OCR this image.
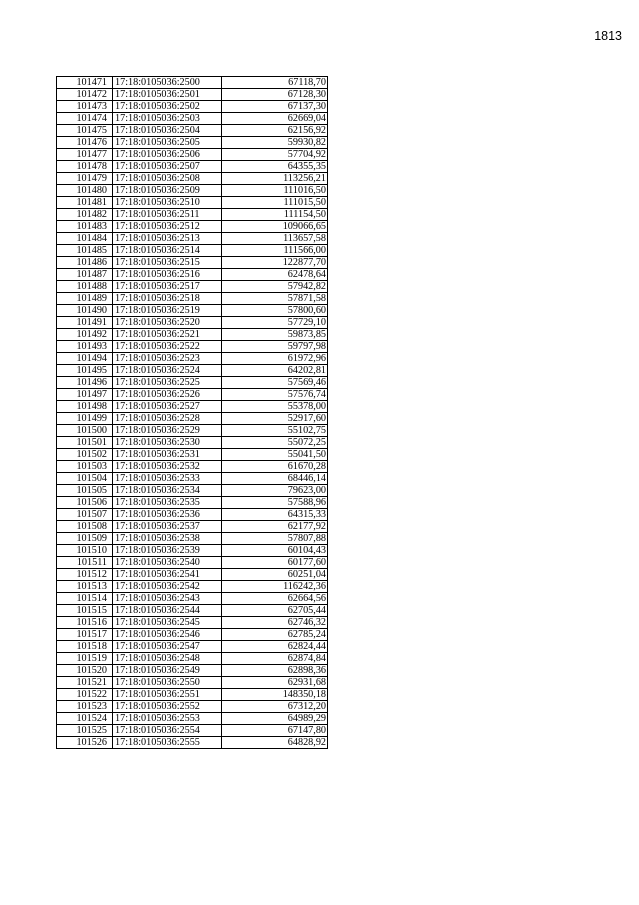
1813
101471	17:18:0105036:2500	67118,70
101472	17:18:0105036:2501	67128,30
101473	17:18:0105036:2502	67137,30
101474	17:18:0105036:2503	62669,04
101475	17:18:0105036:2504	62156,92
101476	17:18:0105036:2505	59930,82
101477	17:18:0105036:2506	57704,92
101478	17:18:0105036:2507	64355,35
101479	17:18:0105036:2508	113256,21
101480	17:18:0105036:2509	111016,50
101481	17:18:0105036:2510	111015,50
101482	17:18:0105036:2511	111154,50
101483	17:18:0105036:2512	109066,65
101484	17:18:0105036:2513	113657,58
101485	17:18:0105036:2514	111566,00
101486	17:18:0105036:2515	122877,70
101487	17:18:0105036:2516	62478,64
101488	17:18:0105036:2517	57942,82
101489	17:18:0105036:2518	57871,58
101490	17:18:0105036:2519	57800,60
101491	17:18:0105036:2520	57729,10
101492	17:18:0105036:2521	59873,85
101493	17:18:0105036:2522	59797,98
101494	17:18:0105036:2523	61972,96
101495	17:18:0105036:2524	64202,81
101496	17:18:0105036:2525	57569,46
101497	17:18:0105036:2526	57576,74
101498	17:18:0105036:2527	55378,00
101499	17:18:0105036:2528	52917,60
101500	17:18:0105036:2529	55102,75
101501	17:18:0105036:2530	55072,25
101502	17:18:0105036:2531	55041,50
101503	17:18:0105036:2532	61670,28
101504	17:18:0105036:2533	68446,14
101505	17:18:0105036:2534	79623,00
101506	17:18:0105036:2535	57588,96
101507	17:18:0105036:2536	64315,33
101508	17:18:0105036:2537	62177,92
101509	17:18:0105036:2538	57807,88
101510	17:18:0105036:2539	60104,43
101511	17:18:0105036:2540	60177,60
101512	17:18:0105036:2541	60251,04
101513	17:18:0105036:2542	116242,36
101514	17:18:0105036:2543	62664,56
101515	17:18:0105036:2544	62705,44
101516	17:18:0105036:2545	62746,32
101517	17:18:0105036:2546	62785,24
101518	17:18:0105036:2547	62824,44
101519	17:18:0105036:2548	62874,84
101520	17:18:0105036:2549	62898,36
101521	17:18:0105036:2550	62931,68
101522	17:18:0105036:2551	148350,18
101523	17:18:0105036:2552	67312,20
101524	17:18:0105036:2553	64989,29
101525	17:18:0105036:2554	67147,80
101526	17:18:0105036:2555	64828,92
